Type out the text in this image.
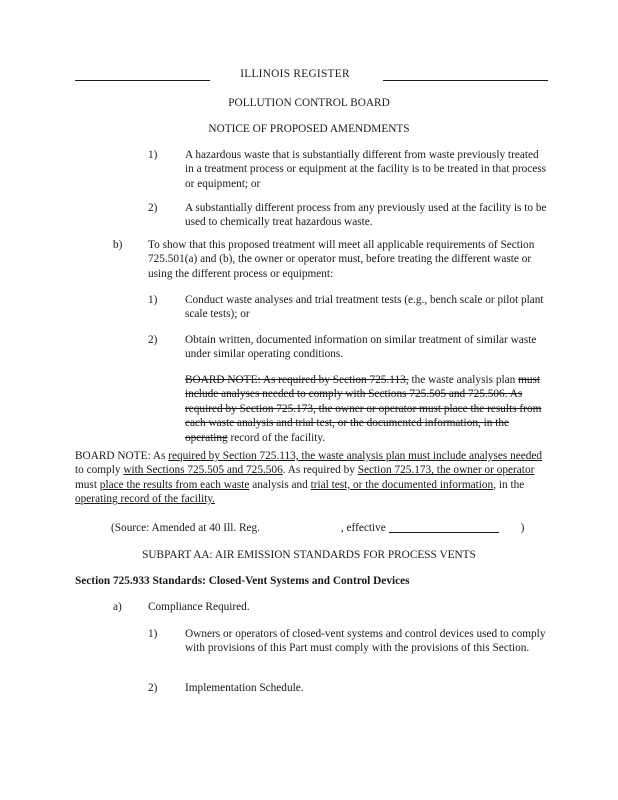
ILLINOIS REGISTER
POLLUTION CONTROL BOARD
NOTICE OF PROPOSED AMENDMENTS
1) A hazardous waste that is substantially different from waste previously treated in a treatment process or equipment at the facility is to be treated in that process or equipment; or
2) A substantially different process from any previously used at the facility is to be used to chemically treat hazardous waste.
b) To show that this proposed treatment will meet all applicable requirements of Section 725.501(a) and (b), the owner or operator must, before treating the different waste or using the different process or equipment:
1) Conduct waste analyses and trial treatment tests (e.g., bench scale or pilot plant scale tests); or
2) Obtain written, documented information on similar treatment of similar waste under similar operating conditions.
BOARD NOTE: As required by Section 725.113, the waste analysis plan must include analyses needed to comply with Sections 725.505 and 725.506. As required by Section 725.173, the owner or operator must place the results from each waste analysis and trial test, or the documented information, in the operating record of the facility.
BOARD NOTE: As required by Section 725.113, the waste analysis plan must include analyses needed to comply with Sections 725.505 and 725.506. As required by Section 725.173, the owner or operator must place the results from each waste analysis and trial test, or the documented information, in the operating record of the facility.
(Source: Amended at 40 Ill. Reg.	, effective	)
SUBPART AA: AIR EMISSION STANDARDS FOR PROCESS VENTS
Section 725.933 Standards: Closed-Vent Systems and Control Devices
a) Compliance Required.
1) Owners or operators of closed-vent systems and control devices used to comply with provisions of this Part must comply with the provisions of this Section.
2) Implementation Schedule.
